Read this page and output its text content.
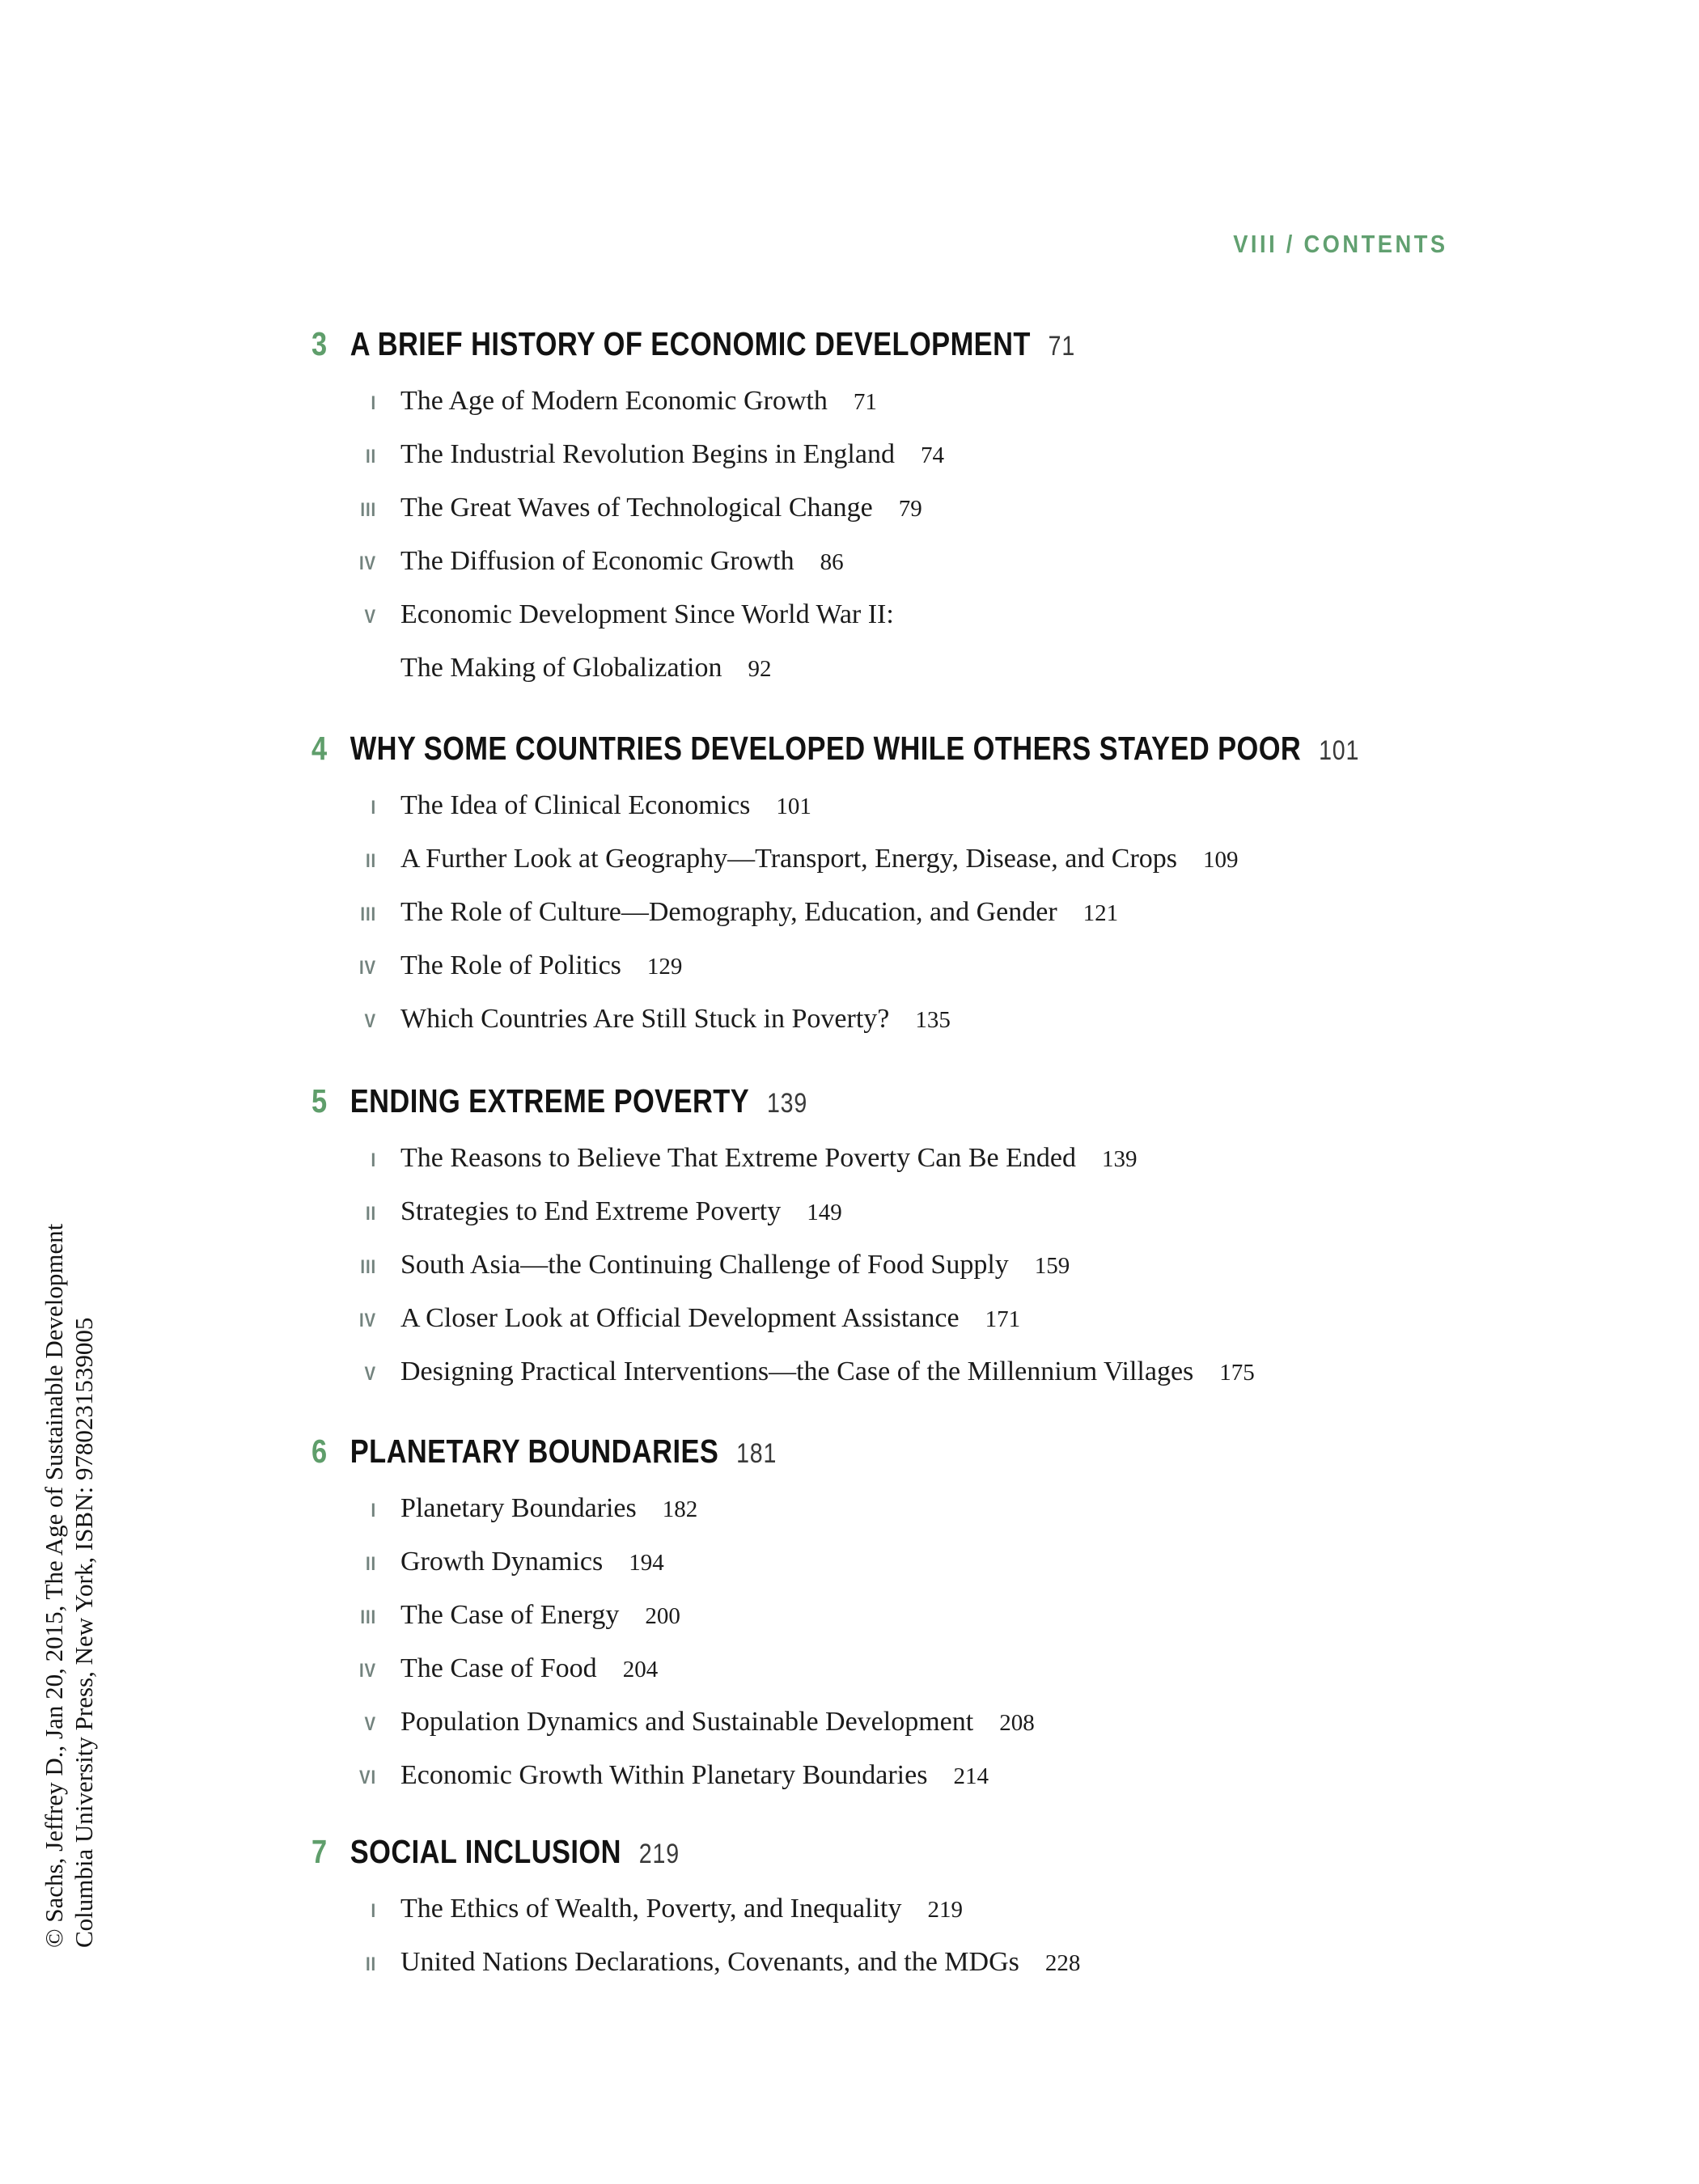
VIII / CONTENTS
© Sachs, Jeffrey D., Jan 20, 2015, The Age of Sustainable Development Columbia University Press, New York, ISBN: 9780231539005
3 A BRIEF HISTORY OF ECONOMIC DEVELOPMENT 71
I The Age of Modern Economic Growth 71
II The Industrial Revolution Begins in England 74
III The Great Waves of Technological Change 79
IV The Diffusion of Economic Growth 86
V Economic Development Since World War II:
The Making of Globalization 92
4 WHY SOME COUNTRIES DEVELOPED WHILE OTHERS STAYED POOR 101
I The Idea of Clinical Economics 101
II A Further Look at Geography—Transport, Energy, Disease, and Crops 109
III The Role of Culture—Demography, Education, and Gender 121
IV The Role of Politics 129
V Which Countries Are Still Stuck in Poverty? 135
5 ENDING EXTREME POVERTY 139
I The Reasons to Believe That Extreme Poverty Can Be Ended 139
II Strategies to End Extreme Poverty 149
III South Asia—the Continuing Challenge of Food Supply 159
IV A Closer Look at Official Development Assistance 171
V Designing Practical Interventions—the Case of the Millennium Villages 175
6 PLANETARY BOUNDARIES 181
I Planetary Boundaries 182
II Growth Dynamics 194
III The Case of Energy 200
IV The Case of Food 204
V Population Dynamics and Sustainable Development 208
VI Economic Growth Within Planetary Boundaries 214
7 SOCIAL INCLUSION 219
I The Ethics of Wealth, Poverty, and Inequality 219
II United Nations Declarations, Covenants, and the MDGs 228
